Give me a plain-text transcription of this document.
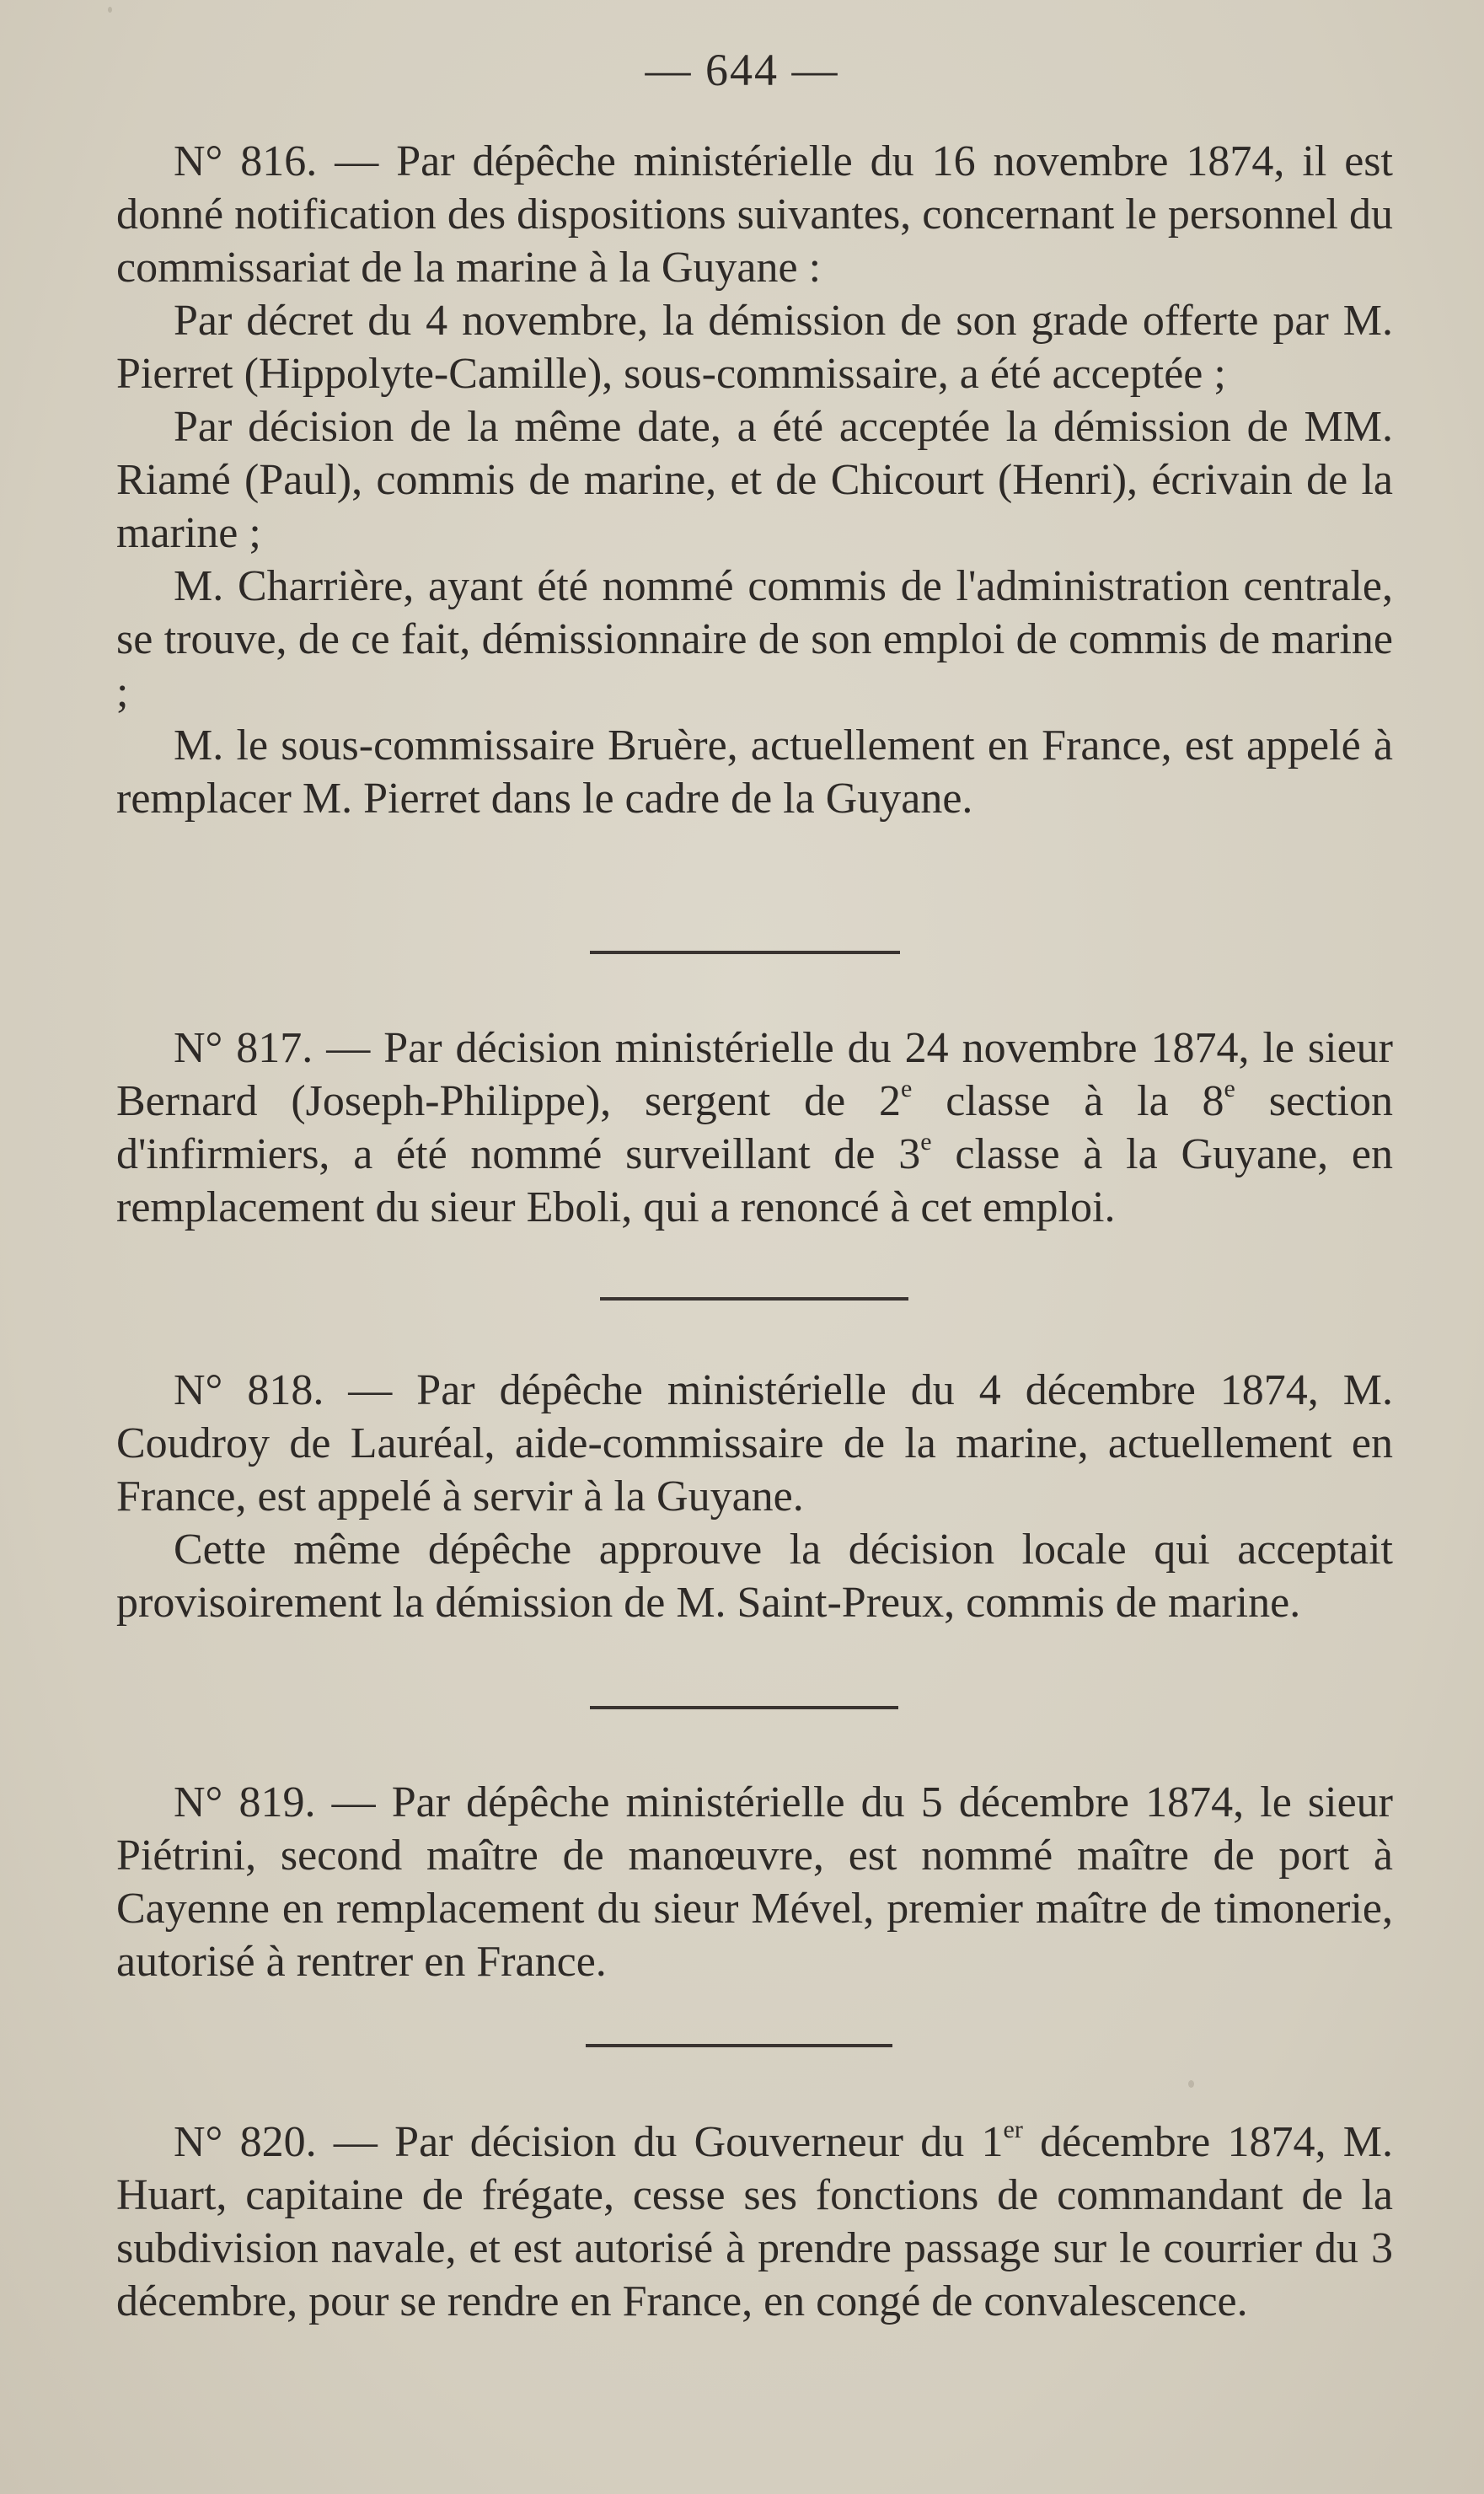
— 644 —

N° 816. — Par dépêche ministérielle du 16 novembre 1874, il est donné notification des dispositions suivantes, concernant le personnel du commissariat de la marine à la Guyane :

Par décret du 4 novembre, la démission de son grade offerte par M. Pierret (Hippolyte-Camille), sous-commissaire, a été acceptée ;

Par décision de la même date, a été acceptée la démission de MM. Riamé (Paul), commis de marine, et de Chicourt (Henri), écrivain de la marine ;

M. Charrière, ayant été nommé commis de l'administration centrale, se trouve, de ce fait, démissionnaire de son emploi de commis de marine ;

M. le sous-commissaire Bruère, actuellement en France, est appelé à remplacer M. Pierret dans le cadre de la Guyane.

N° 817. — Par décision ministérielle du 24 novembre 1874, le sieur Bernard (Joseph-Philippe), sergent de 2e classe à la 8e section d'infirmiers, a été nommé surveillant de 3e classe à la Guyane, en remplacement du sieur Eboli, qui a renoncé à cet emploi.

N° 818. — Par dépêche ministérielle du 4 décembre 1874, M. Coudroy de Lauréal, aide-commissaire de la marine, actuellement en France, est appelé à servir à la Guyane.

Cette même dépêche approuve la décision locale qui acceptait provisoirement la démission de M. Saint-Preux, commis de marine.

N° 819. — Par dépêche ministérielle du 5 décembre 1874, le sieur Piétrini, second maître de manœuvre, est nommé maître de port à Cayenne en remplacement du sieur Mével, premier maître de timonerie, autorisé à rentrer en France.

N° 820. — Par décision du Gouverneur du 1er décembre 1874, M. Huart, capitaine de frégate, cesse ses fonctions de commandant de la subdivision navale, et est autorisé à prendre passage sur le courrier du 3 décembre, pour se rendre en France, en congé de convalescence.
